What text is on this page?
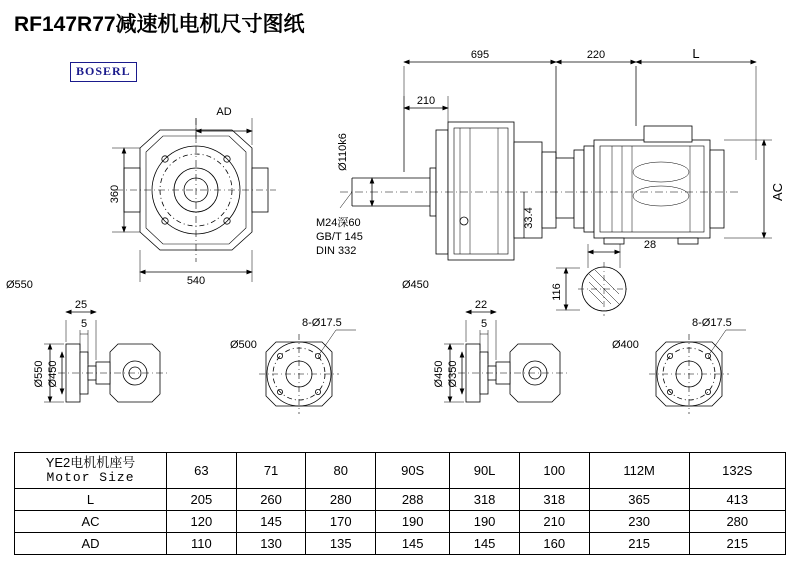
RF147R77减速机电机尺寸图纸
BOSERL
695	220	L
210
Ø110k6
AD
AC
360
540
33.4
28
116
M24深60
GB/T 145
DIN 332
Ø550	Ø450
25
5
22
5
8-Ø17.5	8-Ø17.5
Ø500	Ø400
Ø550 Ø450	Ø450 Ø350
YE2电机机座号
Motor Size	63	71	80	90S	90L	100	112M	132S
L	205	260	280	288	318	318	365	413
AC	120	145	170	190	190	210	230	280
AD	110	130	135	145	145	160	215	215
